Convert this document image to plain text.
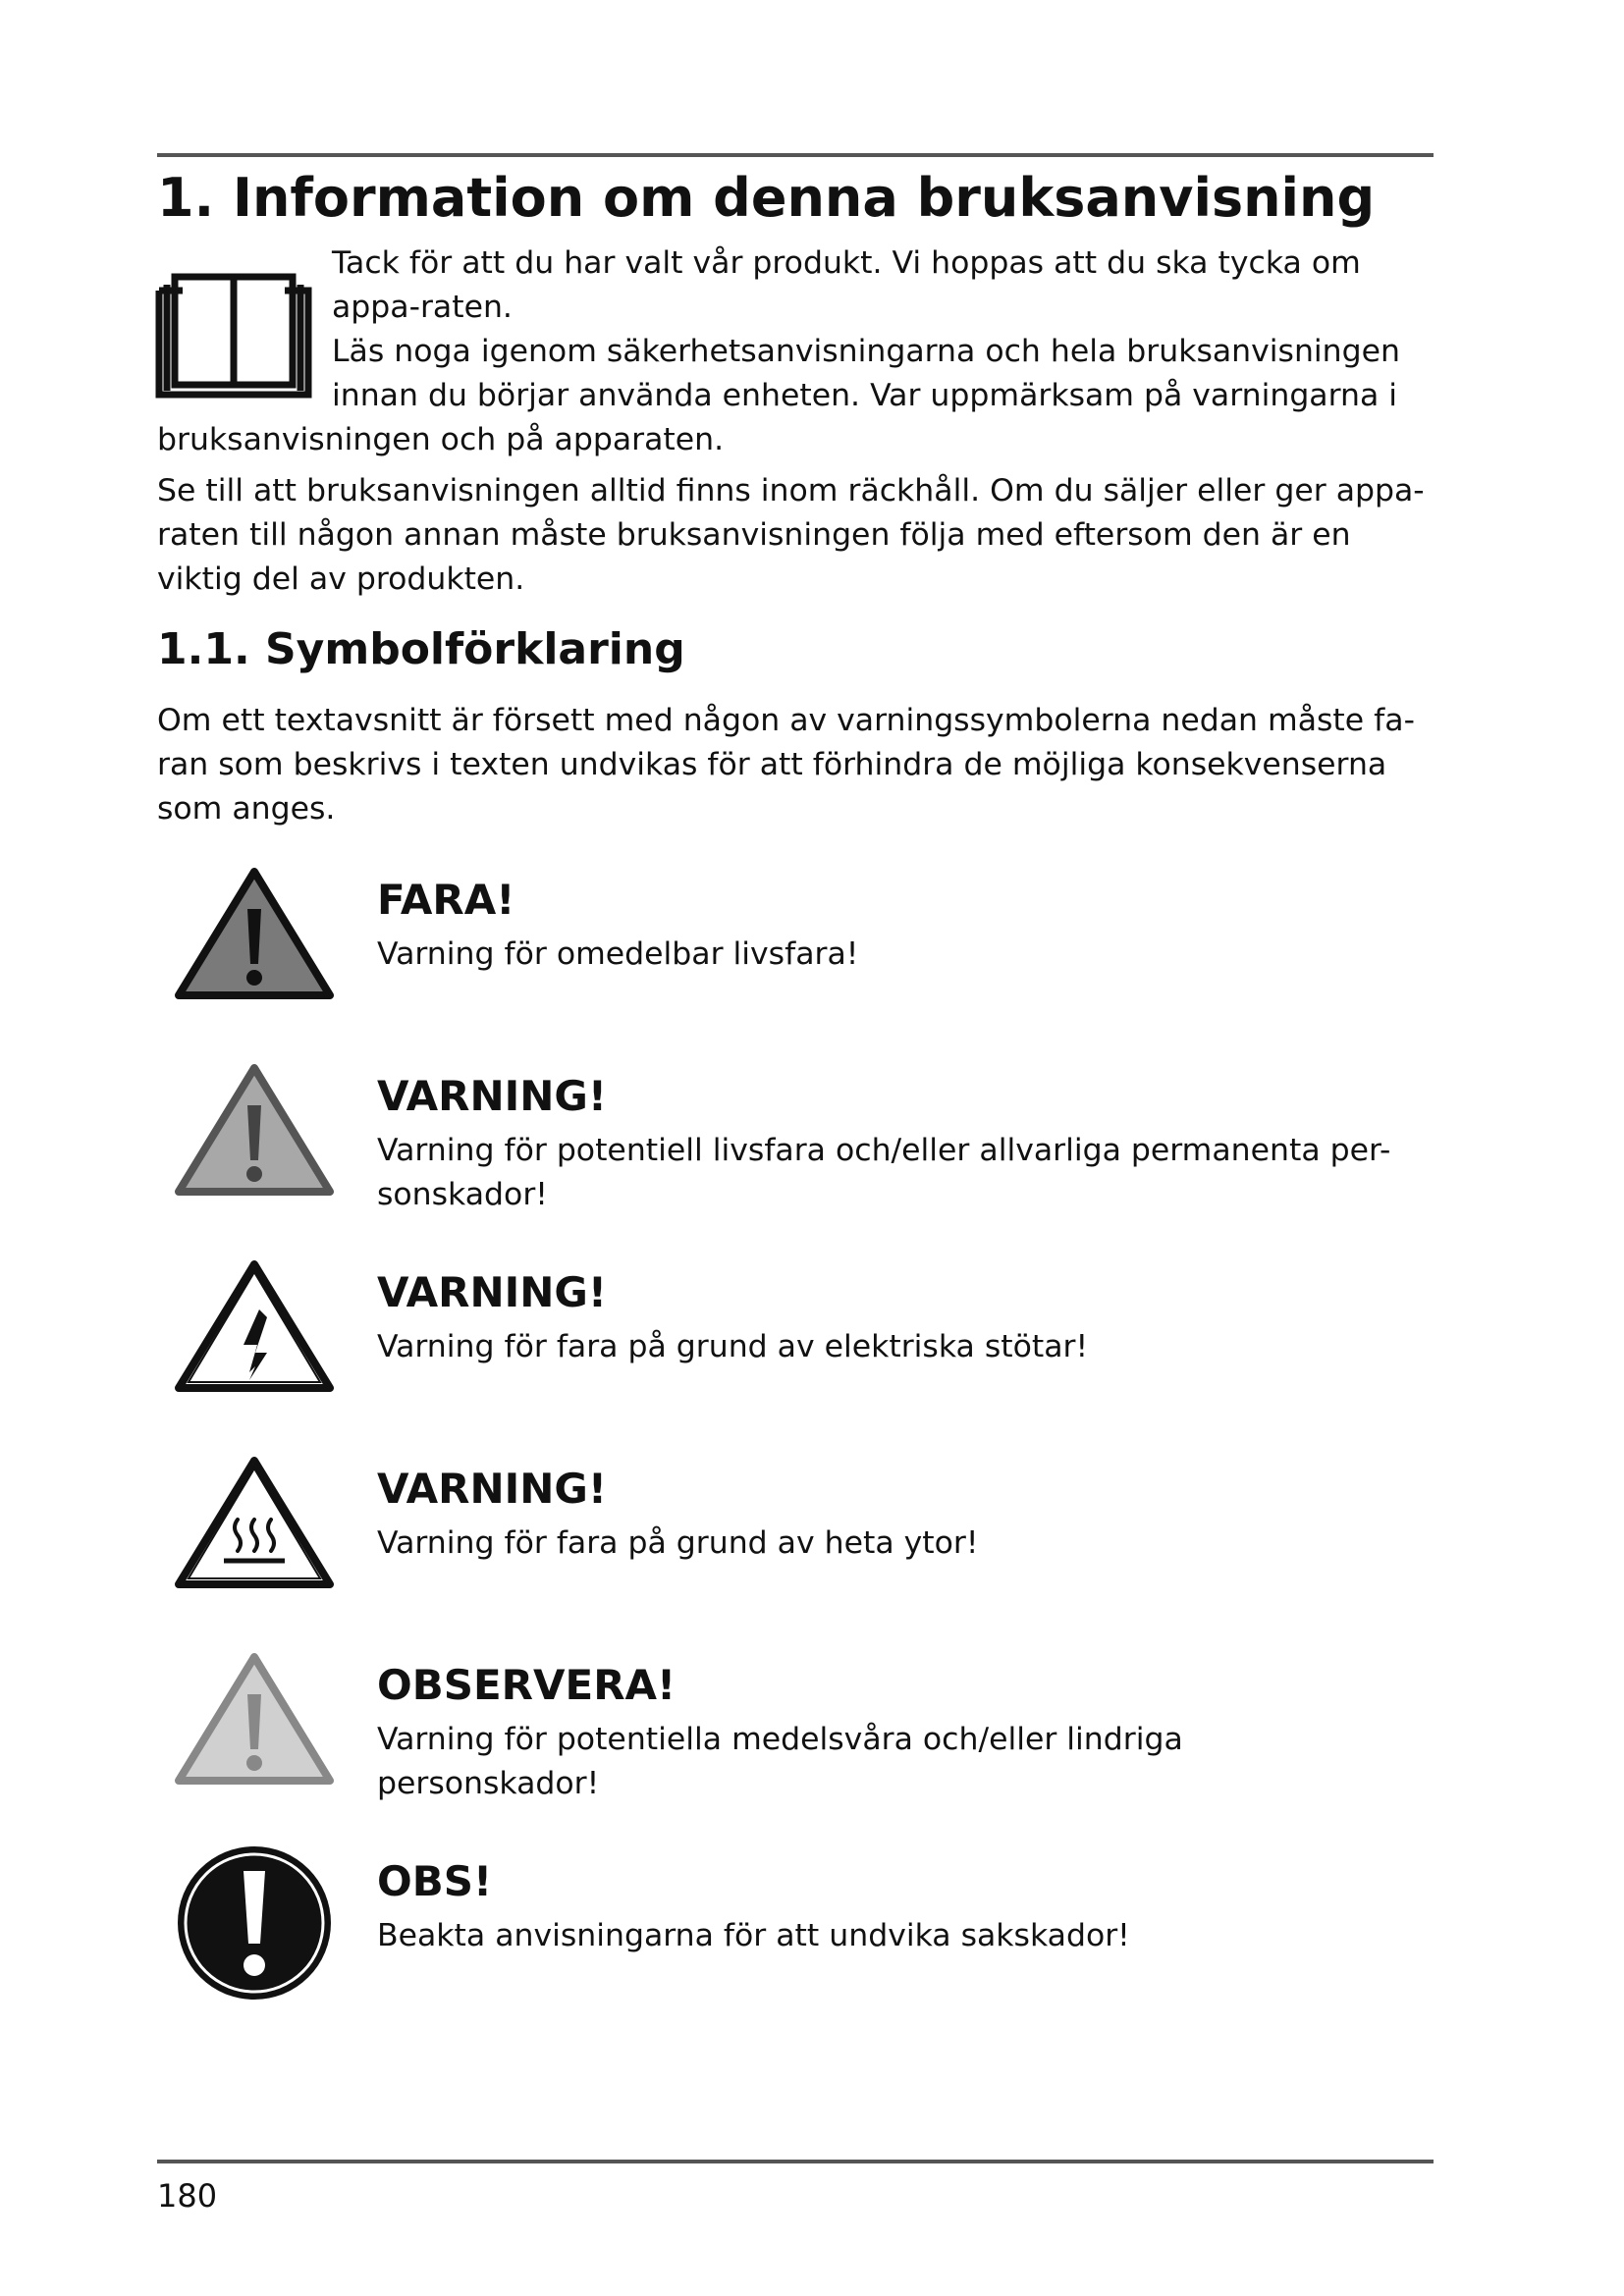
1. Information om denna bruksanvisning
Tack för att du har valt vår produkt. Vi hoppas att du ska tycka om appa-raten.
Läs noga igenom säkerhetsanvisningarna och hela bruksanvisningen innan du börjar använda enheten. Var uppmärksam på varningarna i bruksanvisningen och på apparaten.

Se till att bruksanvisningen alltid finns inom räckhåll. Om du säljer eller ger appa-raten till någon annan måste bruksanvisningen följa med eftersom den är en viktig del av produkten.

1.1. Symbolförklaring

Om ett textavsnitt är försett med någon av varningssymbolerna nedan måste fa-ran som beskrivs i texten undvikas för att förhindra de möjliga konsekvenserna som anges.

FARA!

Varning för omedelbar livsfara!

VARNING!

Varning för potentiell livsfara och/eller allvarliga permanenta per-sonskador!

VARNING!

Varning för fara på grund av elektriska stötar!

VARNING!

Varning för fara på grund av heta ytor!

OBSERVERA!

Varning för potentiella medelsvåra och/eller lindriga personskador!

OBS!

Beakta anvisningarna för att undvika sakskador!

180
